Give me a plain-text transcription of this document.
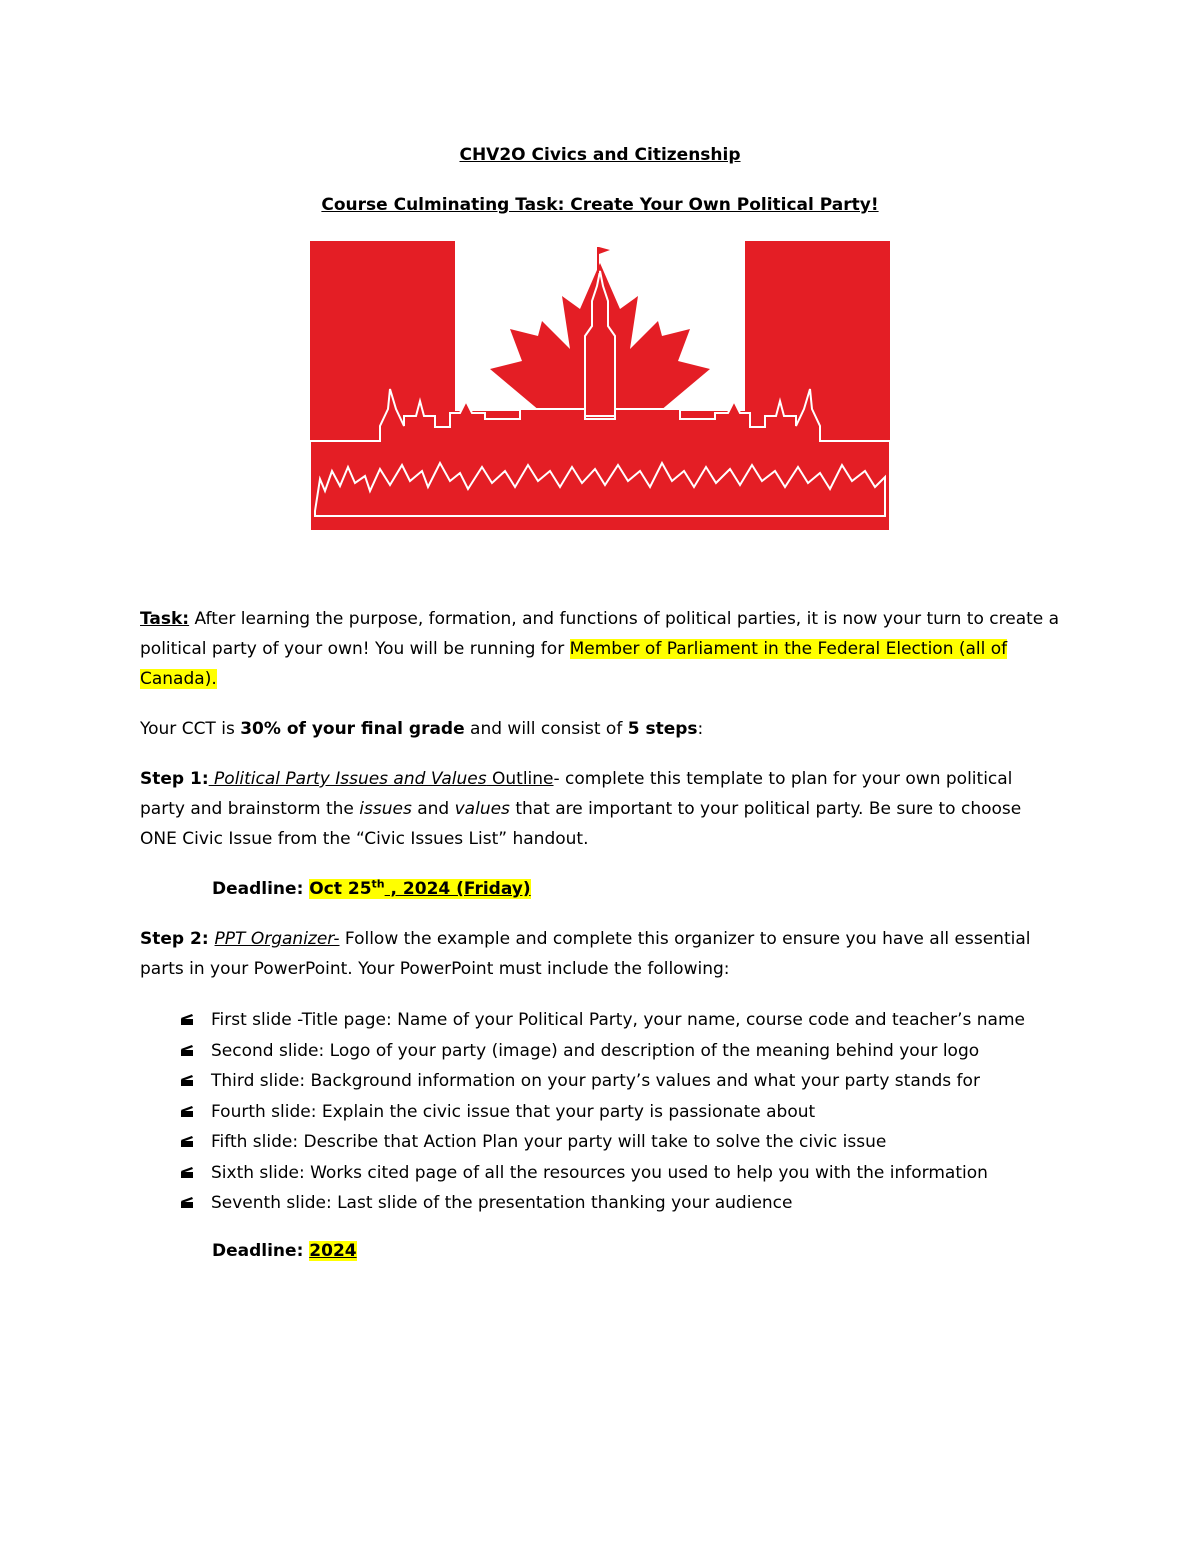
CHV2O Civics and Citizenship
Course Culminating Task: Create Your Own Political Party!
Task: After learning the purpose, formation, and functions of political parties, it is now your turn to create a political party of your own! You will be running for Member of Parliament in the Federal Election (all of Canada).
Your CCT is 30% of your final grade and will consist of 5 steps:
Step 1: Political Party Issues and Values Outline- complete this template to plan for your own political party and brainstorm the issues and values that are important to your political party. Be sure to choose ONE Civic Issue from the “Civic Issues List” handout.
Deadline: Oct 25th , 2024 (Friday)
Step 2: PPT Organizer- Follow the example and complete this organizer to ensure you have all essential parts in your PowerPoint. Your PowerPoint must include the following:
First slide -Title page: Name of your Political Party, your name, course code and teacher’s name
Second slide: Logo of your party (image) and description of the meaning behind your logo
Third slide: Background information on your party’s values and what your party stands for
Fourth slide: Explain the civic issue that your party is passionate about
Fifth slide: Describe that Action Plan your party will take to solve the civic issue
Sixth slide: Works cited page of all the resources you used to help you with the information
Seventh slide: Last slide of the presentation thanking your audience
Deadline: 2024
